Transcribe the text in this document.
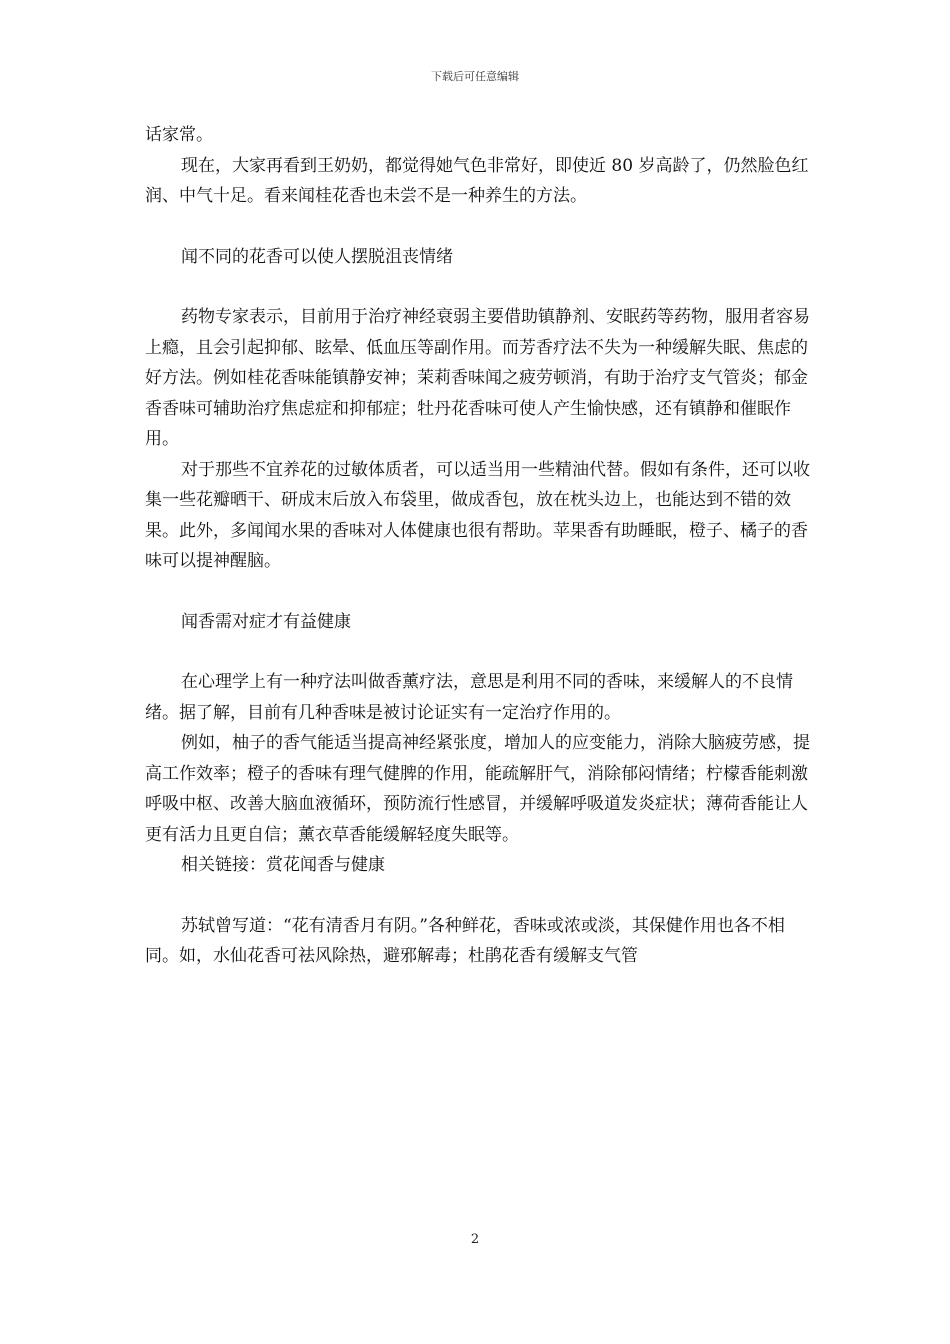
下载后可任意编辑

话家常。

现在，大家再看到王奶奶，都觉得她气色非常好，即使近 80 岁高龄了，仍然脸色红润、中气十足。看来闻桂花香也未尝不是一种养生的方法。

闻不同的花香可以使人摆脱沮丧情绪

药物专家表示，目前用于治疗神经衰弱主要借助镇静剂、安眠药等药物，服用者容易上瘾，且会引起抑郁、眩晕、低血压等副作用。而芳香疗法不失为一种缓解失眠、焦虑的好方法。例如桂花香味能镇静安神；茉莉香味闻之疲劳顿消，有助于治疗支气管炎；郁金香香味可辅助治疗焦虑症和抑郁症；牡丹花香味可使人产生愉快感，还有镇静和催眠作用。

对于那些不宜养花的过敏体质者，可以适当用一些精油代替。假如有条件，还可以收集一些花瓣晒干、研成末后放入布袋里，做成香包，放在枕头边上，也能达到不错的效果。此外，多闻闻水果的香味对人体健康也很有帮助。苹果香有助睡眠，橙子、橘子的香味可以提神醒脑。

闻香需对症才有益健康

在心理学上有一种疗法叫做香薰疗法，意思是利用不同的香味，来缓解人的不良情绪。据了解，目前有几种香味是被讨论证实有一定治疗作用的。

例如，柚子的香气能适当提高神经紧张度，增加人的应变能力，消除大脑疲劳感，提高工作效率；橙子的香味有理气健脾的作用，能疏解肝气，消除郁闷情绪；柠檬香能刺激呼吸中枢、改善大脑血液循环，预防流行性感冒，并缓解呼吸道发炎症状；薄荷香能让人更有活力且更自信；薰衣草香能缓解轻度失眠等。

相关链接：赏花闻香与健康

苏轼曾写道：“花有清香月有阴。”各种鲜花，香味或浓或淡，其保健作用也各不相同。如，水仙花香可祛风除热，避邪解毒；杜鹃花香有缓解支气管

2
